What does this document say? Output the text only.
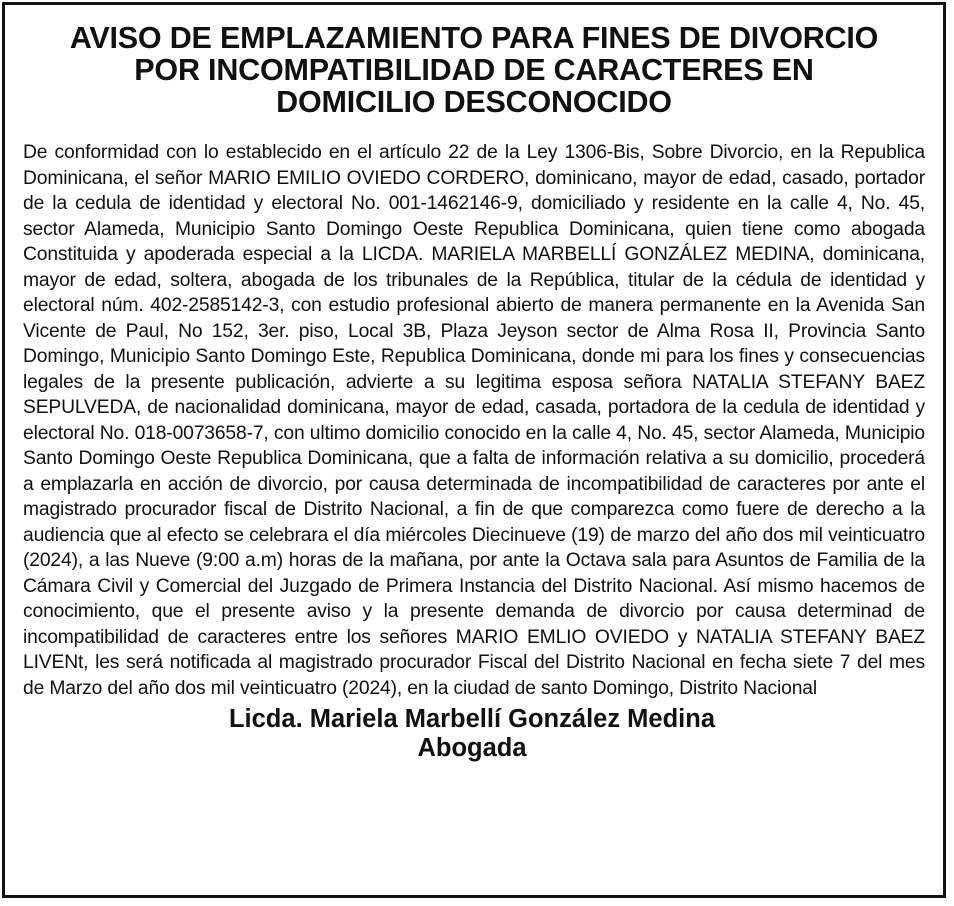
AVISO DE EMPLAZAMIENTO PARA FINES DE DIVORCIO
POR INCOMPATIBILIDAD DE CARACTERES EN
DOMICILIO DESCONOCIDO
De conformidad con lo establecido en el artículo 22 de la Ley 1306-Bis, Sobre Divorcio, en la Republica Dominicana, el señor MARIO EMILIO OVIEDO CORDERO, dominicano, mayor de edad, casado, portador de la cedula de identidad y electoral No. 001-1462146-9, domiciliado y residente en la calle 4, No. 45, sector Alameda, Municipio Santo Domingo Oeste Republica Dominicana, quien tiene como abogada Constituida y apoderada especial a la LICDA. MARIELA MARBELLÍ GONZÁLEZ MEDINA, dominicana, mayor de edad, soltera, abogada de los tribunales de la República, titular de la cédula de identidad y electoral núm. 402-2585142-3, con estudio profesional abierto de manera permanente en la Avenida San Vicente de Paul, No 152, 3er. piso, Local 3B, Plaza Jeyson sector de Alma Rosa II, Provincia Santo Domingo, Municipio Santo Domingo Este, Republica Dominicana, donde mi para los fines y consecuencias legales de la presente publicación, advierte a su legitima esposa señora NATALIA STEFANY BAEZ SEPULVEDA, de nacionalidad dominicana, mayor de edad, casada, portadora de la cedula de identidad y electoral No. 018-0073658-7, con ultimo domicilio conocido en la calle 4, No. 45, sector Alameda, Municipio Santo Domingo Oeste Republica Dominicana, que a falta de información relativa a su domicilio, procederá a emplazarla en acción de divorcio, por causa determinada de incompatibilidad de caracteres por ante el magistrado procurador fiscal de Distrito Nacional, a fin de que comparezca como fuere de derecho a la audiencia que al efecto se celebrara el día miércoles Diecinueve (19) de marzo del año dos mil veinticuatro (2024), a las Nueve (9:00 a.m) horas de la mañana, por ante la Octava sala para Asuntos de Familia de la Cámara Civil y Comercial del Juzgado de Primera Instancia del Distrito Nacional. Así mismo hacemos de conocimiento, que el presente aviso y la presente demanda de divorcio por causa determinad de incompatibilidad de caracteres entre los señores MARIO EMLIO OVIEDO y NATALIA STEFANY BAEZ LIVENt, les será notificada al magistrado procurador Fiscal del Distrito Nacional en fecha siete 7 del mes de Marzo del año dos mil veinticuatro (2024), en la ciudad de santo Domingo, Distrito Nacional
Licda. Mariela Marbellí González Medina
Abogada
